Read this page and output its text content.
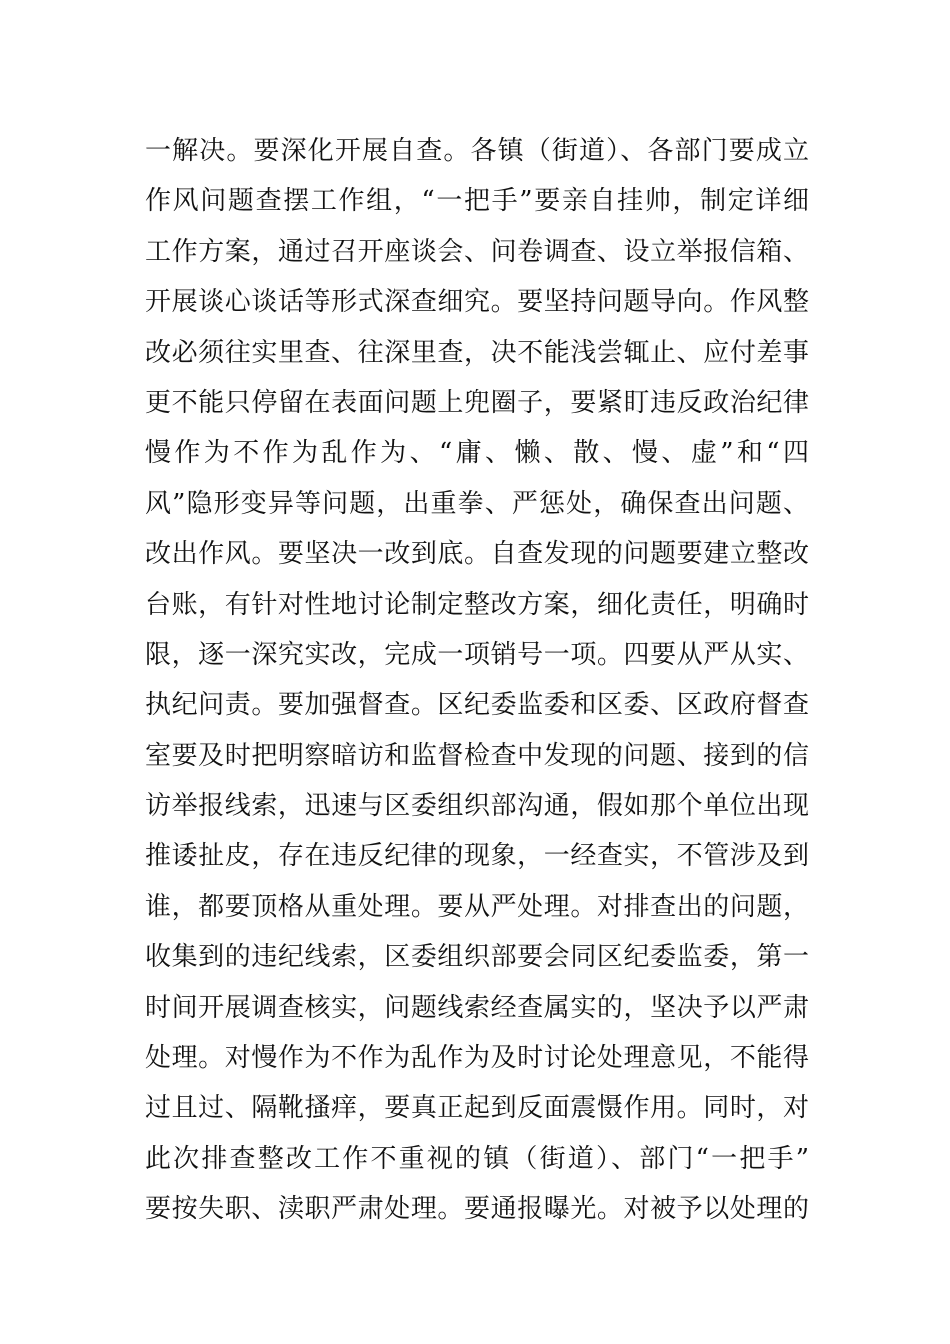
一解决。要深化开展自查。各镇（街道）、各部门要成立
作风问题查摆工作组，“一把手”要亲自挂帅，制定详细
工作方案，通过召开座谈会、问卷调查、设立举报信箱、
开展谈心谈话等形式深查细究。要坚持问题导向。作风整
改必须往实里查、往深里查，决不能浅尝辄止、应付差事
更不能只停留在表面问题上兜圈子，要紧盯违反政治纪律
慢作为不作为乱作为、“庸、懒、散、慢、虚”和“四
风”隐形变异等问题，出重拳、严惩处，确保查出问题、
改出作风。要坚决一改到底。自查发现的问题要建立整改
台账，有针对性地讨论制定整改方案，细化责任，明确时
限，逐一深究实改，完成一项销号一项。四要从严从实、
执纪问责。要加强督查。区纪委监委和区委、区政府督查
室要及时把明察暗访和监督检查中发现的问题、接到的信
访举报线索，迅速与区委组织部沟通，假如那个单位出现
推诿扯皮，存在违反纪律的现象，一经查实，不管涉及到
谁，都要顶格从重处理。要从严处理。对排查出的问题，
收集到的违纪线索，区委组织部要会同区纪委监委，第一
时间开展调查核实，问题线索经查属实的，坚决予以严肃
处理。对慢作为不作为乱作为及时讨论处理意见，不能得
过且过、隔靴搔痒，要真正起到反面震慑作用。同时，对
此次排查整改工作不重视的镇（街道）、部门“一把手”
要按失职、渎职严肃处理。要通报曝光。对被予以处理的
